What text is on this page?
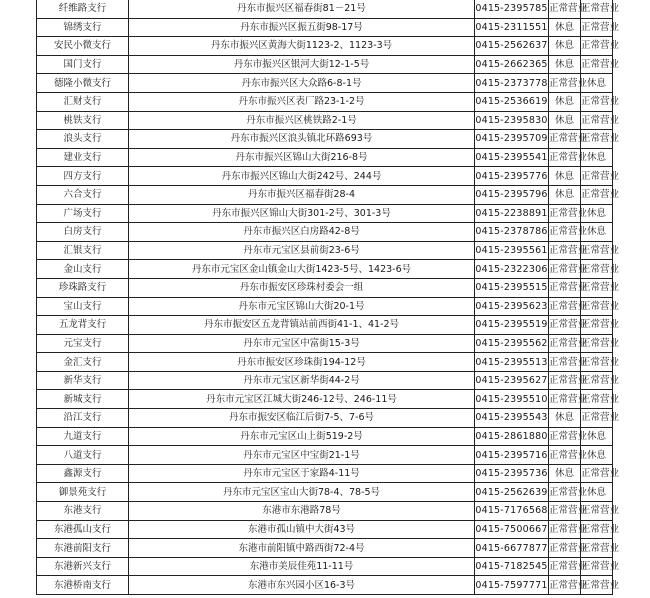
纤维路支行	丹东市振兴区福春街81－21号	0415-2395785	正常营业	正常营业
锦绣支行	丹东市振兴区振五街98-17号	0415-2311551	休息	正常营业
安民小微支行	丹东市振兴区黄海大街1123-2、1123-3号	0415-2562637	休息	正常营业
国门支行	丹东市振兴区银河大街12-1-5号	0415-2662365	休息	正常营业
德隆小微支行	丹东市振兴区大众路6-8-1号	0415-2373778	正常营业	休息
汇财支行	丹东市振兴区表厂路23-1-2号	0415-2536619	休息	正常营业
桃铁支行	丹东市振兴区桃铁路2-1号	0415-2395830	休息	正常营业
浪头支行	丹东市振兴区浪头镇北环路693号	0415-2395709	正常营业	正常营业
建业支行	丹东市振兴区锦山大街216-8号	0415-2395541	正常营业	休息
四方支行	丹东市振兴区锦山大街242号、244号	0415-2395776	休息	正常营业
六合支行	丹东市振兴区福春街28-4	0415-2395796	休息	正常营业
广场支行	丹东市振兴区锦山大街301-2号、301-3号	0415-2238891	正常营业	休息
白房支行	丹东市振兴区白房路42-8号	0415-2378786	正常营业	休息
汇银支行	丹东市元宝区县前街23-6号	0415-2395561	正常营业	正常营业
金山支行	丹东市元宝区金山镇金山大街1423-5号、1423-6号	0415-2322306	正常营业	正常营业
珍珠路支行	丹东市振安区珍珠村委会一组	0415-2395515	正常营业	正常营业
宝山支行	丹东市元宝区锦山大街20-1号	0415-2395623	正常营业	正常营业
五龙背支行	丹东市振安区五龙背镇站前西街41-1、41-2号	0415-2395519	正常营业	正常营业
元宝支行	丹东市元宝区中富街15-3号	0415-2395562	正常营业	正常营业
金汇支行	丹东市振安区珍珠街194-12号	0415-2395513	正常营业	正常营业
新华支行	丹东市元宝区新华街44-2号	0415-2395627	正常营业	正常营业
新城支行	丹东市元宝区江城大街246-12号、246-11号	0415-2395510	正常营业	正常营业
沿江支行	丹东市振安区临江后街7-5、7-6号	0415-2395543	休息	正常营业
九道支行	丹东市元宝区山上街519-2号	0415-2861880	正常营业	休息
八道支行	丹东市元宝区中宝街21-1号	0415-2395716	正常营业	休息
鑫源支行	丹东市元宝区于家路4-11号	0415-2395736	休息	正常营业
御景苑支行	丹东市元宝区宝山大街78-4、78-5号	0415-2562639	正常营业	休息
东港支行	东港市东港路78号	0415-7176568	正常营业	正常营业
东港孤山支行	东港市孤山镇中大街43号	0415-7500667	正常营业	正常营业
东港前阳支行	东港市前阳镇中路西街72-4号	0415-6677877	正常营业	正常营业
东港新兴支行	东港市美辰佳苑11-11号	0415-7182545	正常营业	正常营业
东港桥南支行	东港市东兴园小区16-3号	0415-7597771	正常营业	正常营业
